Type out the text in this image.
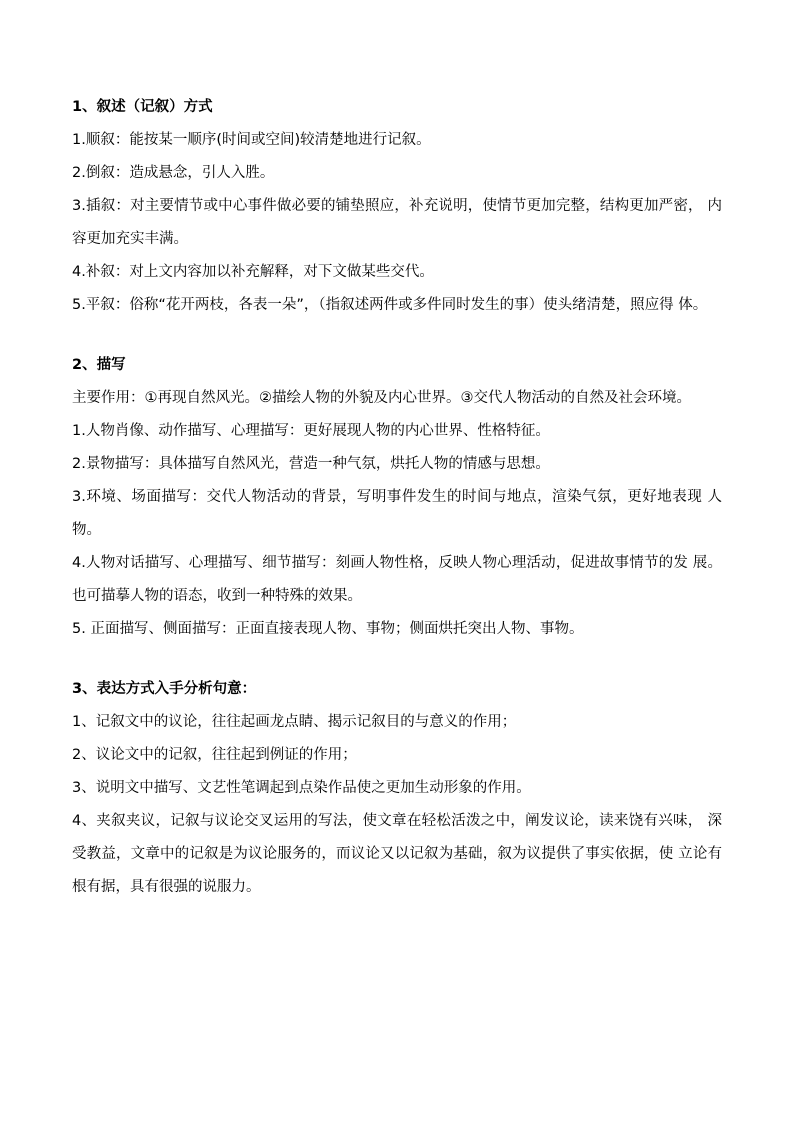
1、叙述（记叙）方式

1.顺叙：能按某一顺序(时间或空间)较清楚地进行记叙。

2.倒叙：造成悬念，引人入胜。

3.插叙：对主要情节或中心事件做必要的铺垫照应，补充说明，使情节更加完整，结构更加严密， 内容更加充实丰满。

4.补叙：对上文内容加以补充解释，对下文做某些交代。

5.平叙：俗称“花开两枝，各表一朵”，（指叙述两件或多件同时发生的事）使头绪清楚，照应得 体。

2、描写

主要作用：①再现自然风光。②描绘人物的外貌及内心世界。③交代人物活动的自然及社会环境。

1.人物肖像、动作描写、心理描写：更好展现人物的内心世界、性格特征。

2.景物描写：具体描写自然风光，营造一种气氛，烘托人物的情感与思想。

3.环境、场面描写：交代人物活动的背景，写明事件发生的时间与地点，渲染气氛，更好地表现 人物。

4.人物对话描写、心理描写、细节描写：刻画人物性格，反映人物心理活动，促进故事情节的发 展。也可描摹人物的语态，收到一种特殊的效果。

5. 正面描写、侧面描写：正面直接表现人物、事物；侧面烘托突出人物、事物。

3、表达方式入手分析句意：

1、记叙文中的议论，往往起画龙点睛、揭示记叙目的与意义的作用；

2、议论文中的记叙，往往起到例证的作用；

3、说明文中描写、文艺性笔调起到点染作品使之更加生动形象的作用。

4、夹叙夹议，记叙与议论交叉运用的写法，使文章在轻松活泼之中，阐发议论，读来饶有兴味， 深受教益，文章中的记叙是为议论服务的，而议论又以记叙为基础，叙为议提供了事实依据，使 立论有根有据，具有很强的说服力。
